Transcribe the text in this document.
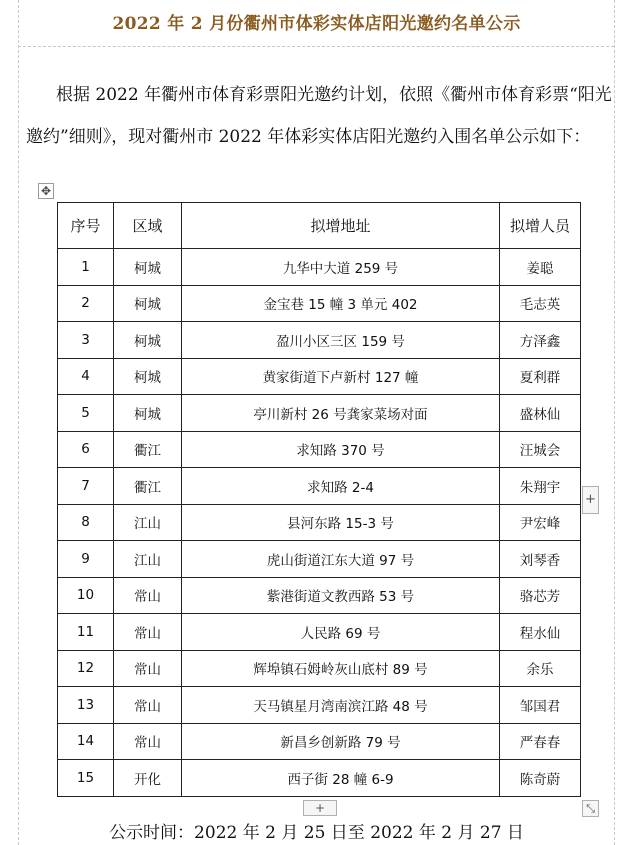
2022 年 2 月份衢州市体彩实体店阳光邀约名单公示
根据 2022 年衢州市体育彩票阳光邀约计划，依照《衢州市体育彩票“阳光邀约”细则》，现对衢州市 2022 年体彩实体店阳光邀约入围名单公示如下：
✥
序号	区域	拟增地址	拟增人员
1	柯城	九华中大道 259 号	姜聪
2	柯城	金宝巷 15 幢 3 单元 402	毛志英
3	柯城	盈川小区三区 159 号	方泽鑫
4	柯城	黄家街道下卢新村 127 幢	夏利群
5	柯城	亭川新村 26 号龚家菜场对面	盛林仙
6	衢江	求知路 370 号	汪城会
7	衢江	求知路 2-4	朱翔宇
8	江山	县河东路 15-3 号	尹宏峰
9	江山	虎山街道江东大道 97 号	刘琴香
10	常山	紫港街道文教西路 53 号	骆芯芳
11	常山	人民路 69 号	程水仙
12	常山	辉埠镇石姆岭灰山底村 89 号	余乐
13	常山	天马镇星月湾南滨江路 48 号	邹国君
14	常山	新昌乡创新路 79 号	严春春
15	开化	西子街 28 幢 6-9	陈奇蔚
+
+	⤡
公示时间：2022 年 2 月 25 日至 2022 年 2 月 27 日
